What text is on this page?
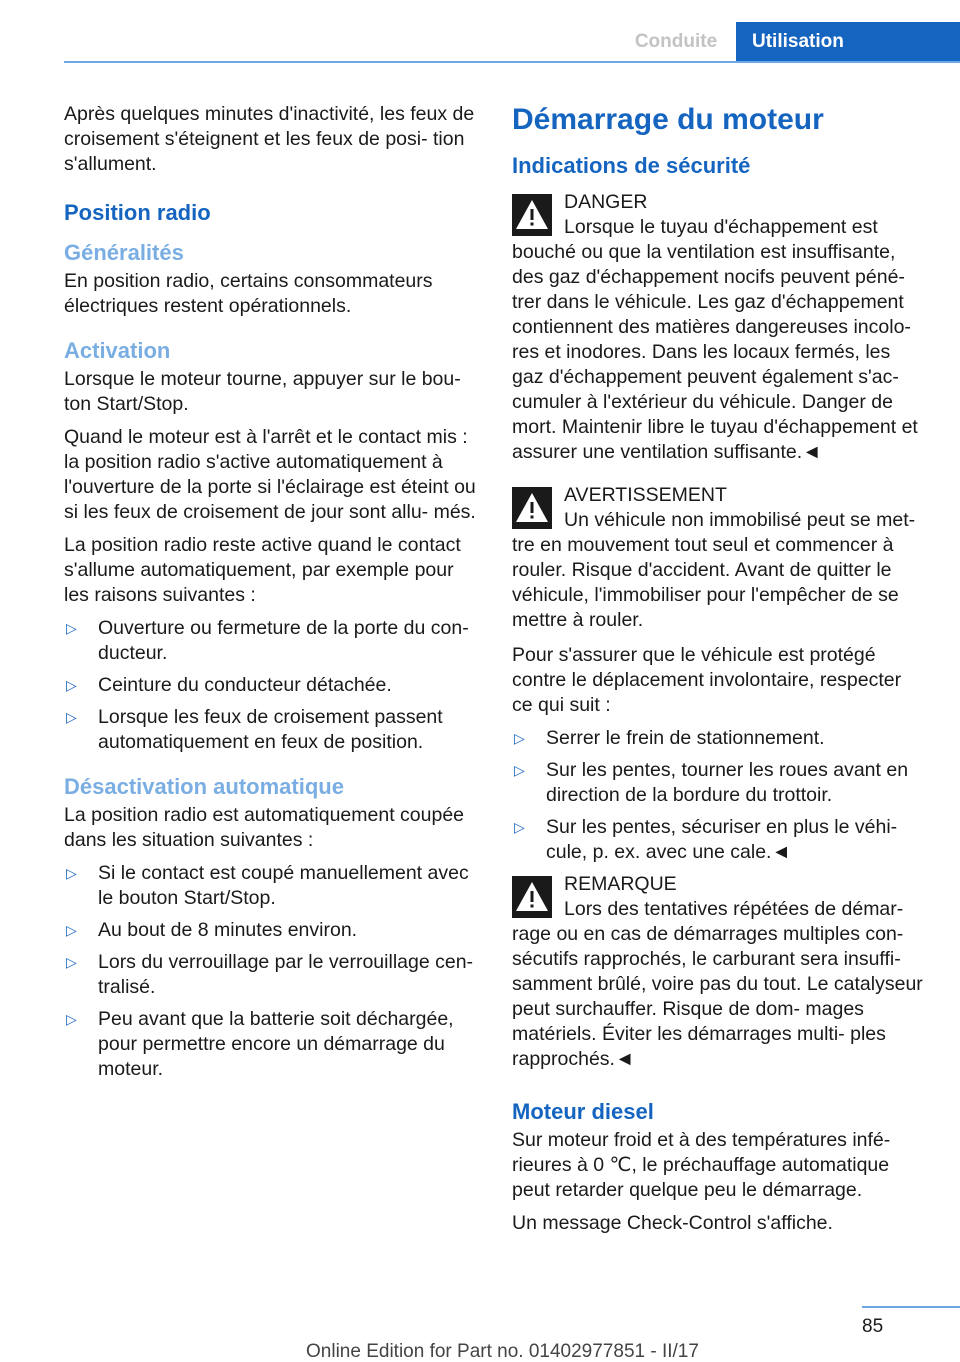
Conduite	Utilisation

Après quelques minutes d'inactivité, les feux de croisement s'éteignent et les feux de posi- tion s'allument.

Position radio
Généralités

En position radio, certains consommateurs électriques restent opérationnels.

Activation

Lorsque le moteur tourne, appuyer sur le bou- ton Start/Stop.

Quand le moteur est à l'arrêt et le contact mis : la position radio s'active automatiquement à l'ouverture de la porte si l'éclairage est éteint ou si les feux de croisement de jour sont allu- més.

La position radio reste active quand le contact s'allume automatiquement, par exemple pour les raisons suivantes :

▷ Ouverture ou fermeture de la porte du con- ducteur.
▷ Ceinture du conducteur détachée.
▷ Lorsque les feux de croisement passent automatiquement en feux de position.
Désactivation automatique

La position radio est automatiquement coupée dans les situation suivantes :

▷ Si le contact est coupé manuellement avec le bouton Start/Stop.
▷ Au bout de 8 minutes environ.
▷ Lors du verrouillage par le verrouillage cen- tralisé.
▷ Peu avant que la batterie soit déchargée, pour permettre encore un démarrage du moteur.
Démarrage du moteur
Indications de sécurité
DANGER

Lorsque le tuyau d'échappement est bouché ou que la ventilation est insuffisante, des gaz d'échappement nocifs peuvent péné- trer dans le véhicule. Les gaz d'échappement contiennent des matières dangereuses incolo- res et inodores. Dans les locaux fermés, les gaz d'échappement peuvent également s'ac- cumuler à l'extérieur du véhicule. Danger de mort. Maintenir libre le tuyau d'échappement et assurer une ventilation suffisante.◄

AVERTISSEMENT

Un véhicule non immobilisé peut se met- tre en mouvement tout seul et commencer à rouler. Risque d'accident. Avant de quitter le véhicule, l'immobiliser pour l'empêcher de se mettre à rouler.

Pour s'assurer que le véhicule est protégé contre le déplacement involontaire, respecter ce qui suit :

▷ Serrer le frein de stationnement.
▷ Sur les pentes, tourner les roues avant en direction de la bordure du trottoir.
▷ Sur les pentes, sécuriser en plus le véhi- cule, p. ex. avec une cale.◄
REMARQUE

Lors des tentatives répétées de démar- rage ou en cas de démarrages multiples con- sécutifs rapprochés, le carburant sera insuffi- samment brûlé, voire pas du tout. Le catalyseur peut surchauffer. Risque de dom- mages matériels. Éviter les démarrages multi- ples rapprochés.◄

Moteur diesel

Sur moteur froid et à des températures infé- rieures à 0 ℃, le préchauffage automatique peut retarder quelque peu le démarrage.

Un message Check-Control s'affiche.

85
Online Edition for Part no. 01402977851 - II/17
